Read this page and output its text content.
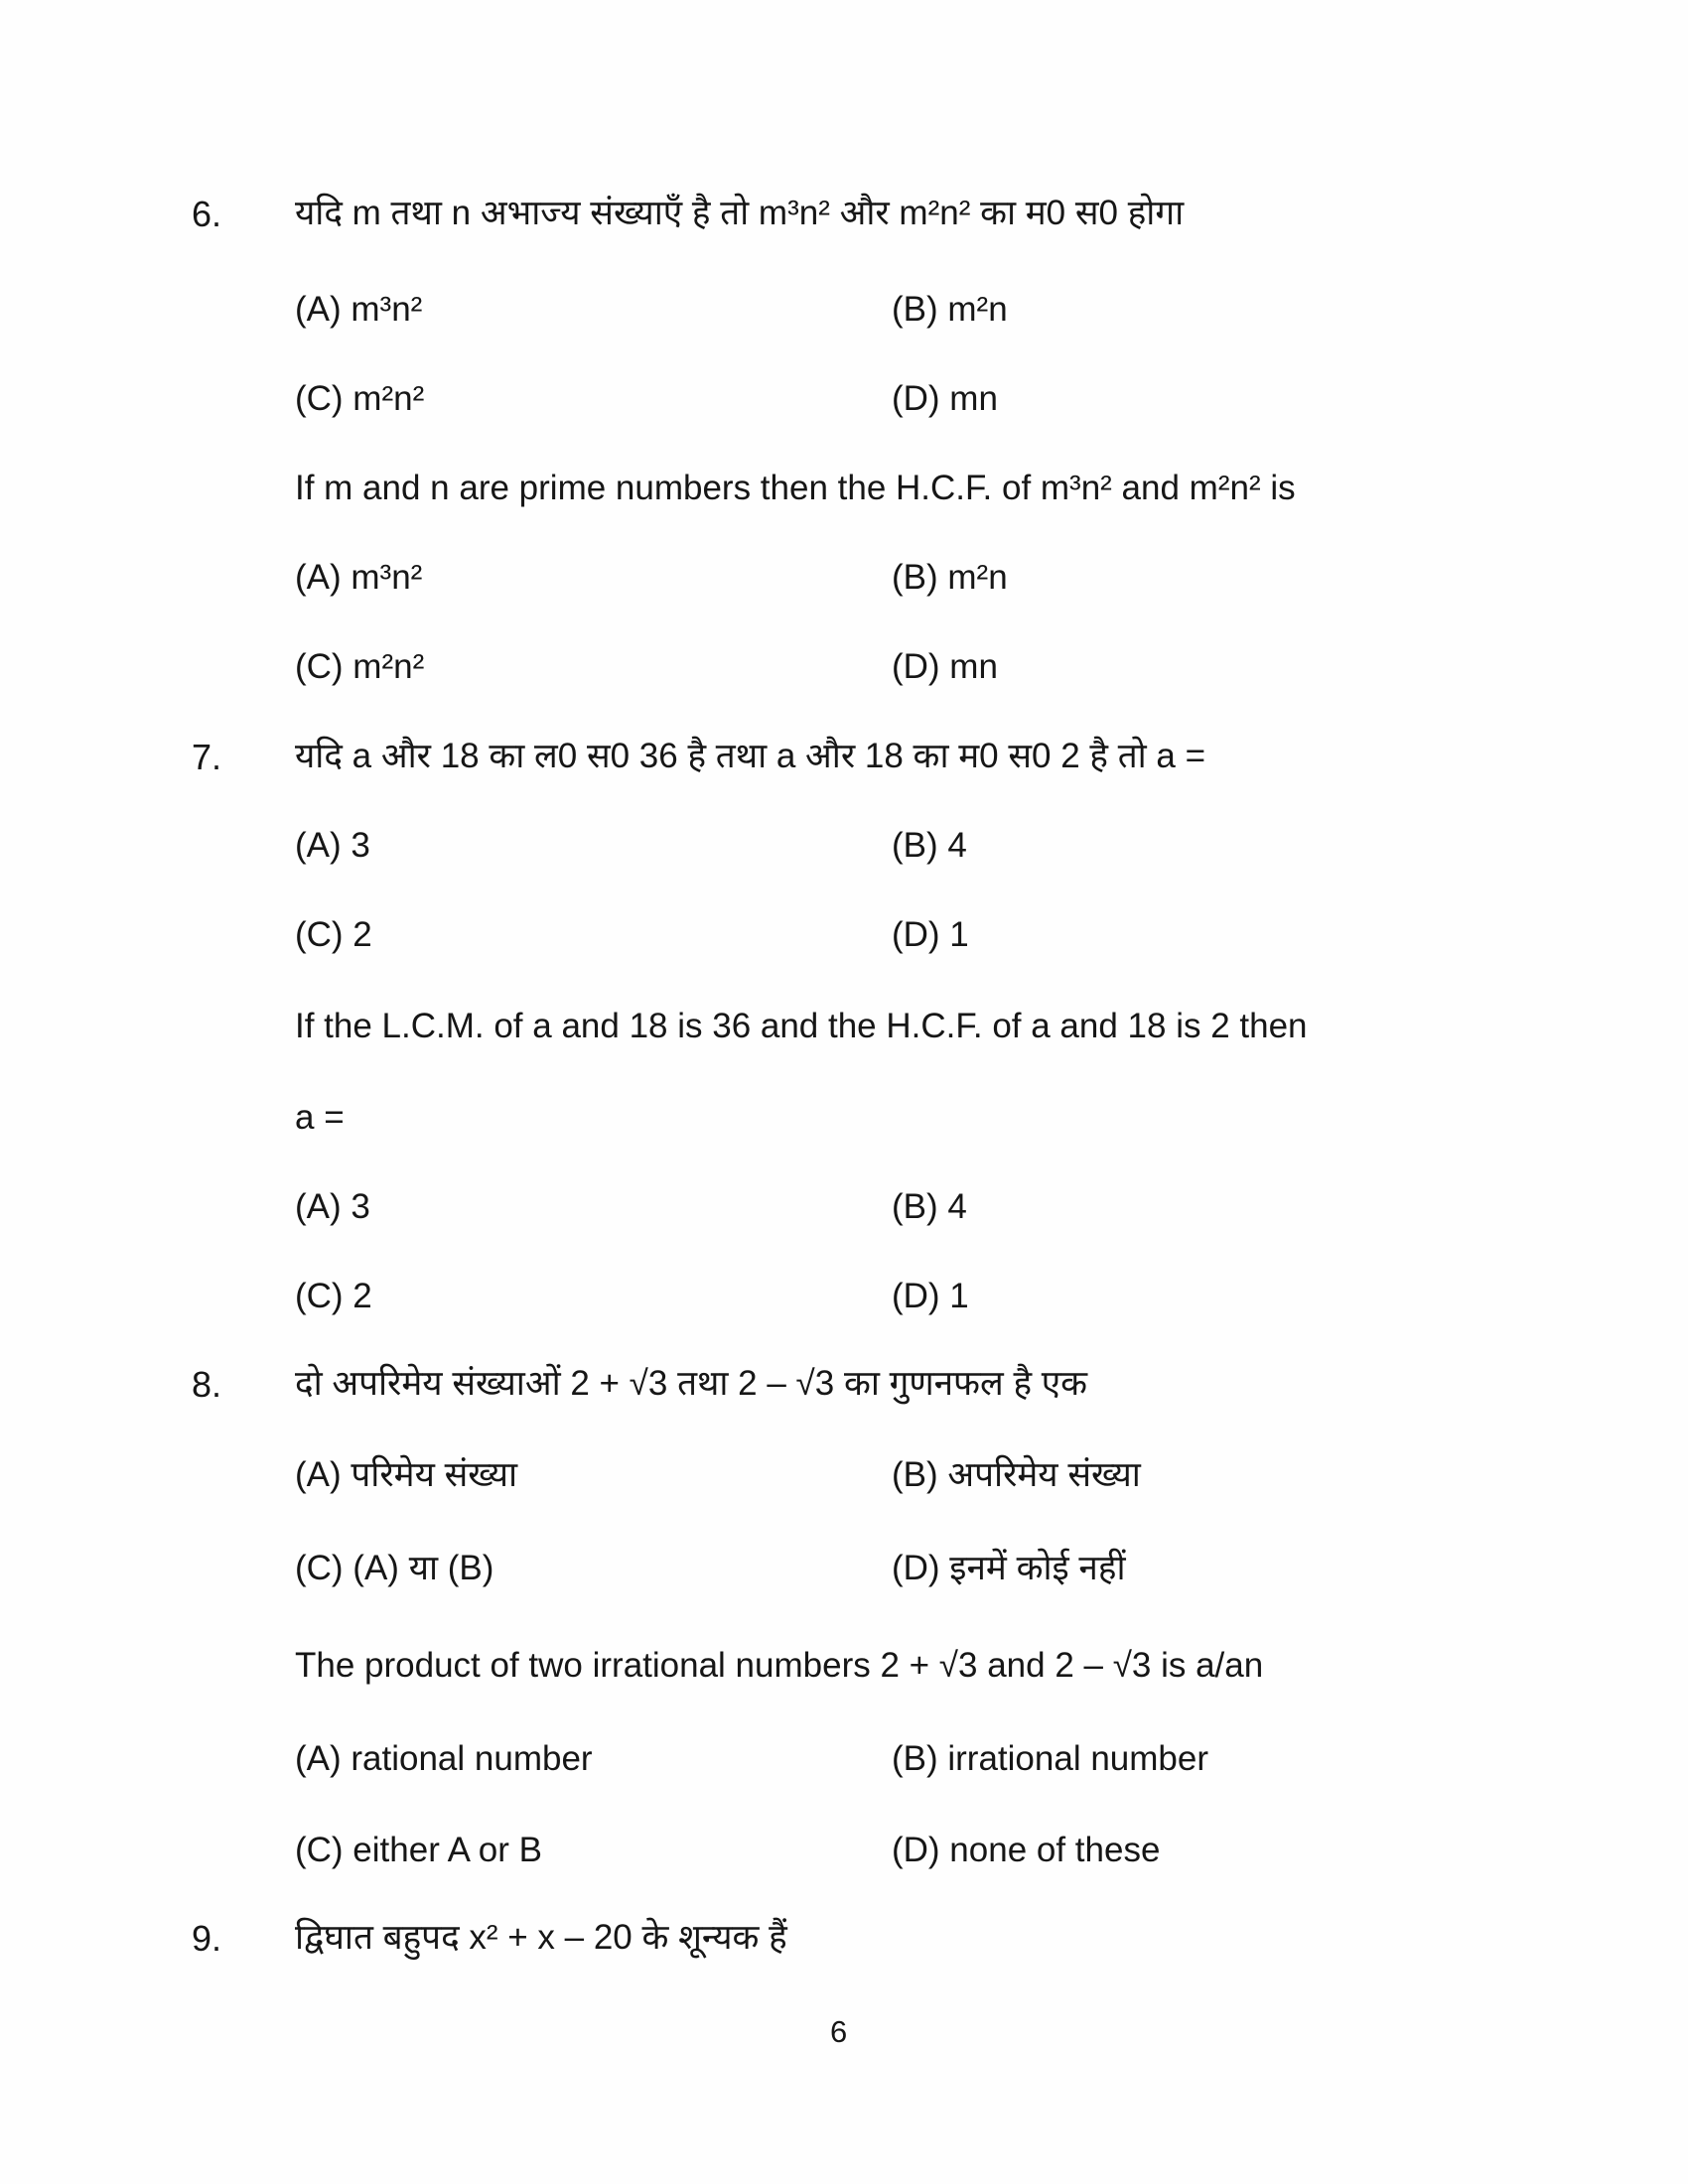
6. यदि m तथा n अभाज्य संख्याएँ है तो m³n² और m²n² का म0 स0 होगा
(A) m³n²	(B) m²n
(C) m²n²	(D) mn
If m and n are prime numbers then the H.C.F. of m³n² and m²n² is
(A) m³n²	(B) m²n
(C) m²n²	(D) mn
7. यदि a और 18 का ल0 स0 36 है तथा a और 18 का म0 स0 2 है तो a =
(A) 3	(B) 4
(C) 2	(D) 1
If the L.C.M. of a and 18 is 36 and the H.C.F. of a and 18 is 2 then
a =
(A) 3	(B) 4
(C) 2	(D) 1
8. दो अपरिमेय संख्याओं 2 + √3 तथा 2 – √3 का गुणनफल है एक
(A) परिमेय संख्या	(B) अपरिमेय संख्या
(C) (A) या (B)	(D) इनमें कोई नहीं
The product of two irrational numbers 2 + √3 and 2 – √3 is a/an
(A) rational number	(B) irrational number
(C) either A or B	(D) none of these
9. द्विघात बहुपद x² + x – 20 के शून्यक हैं
6
